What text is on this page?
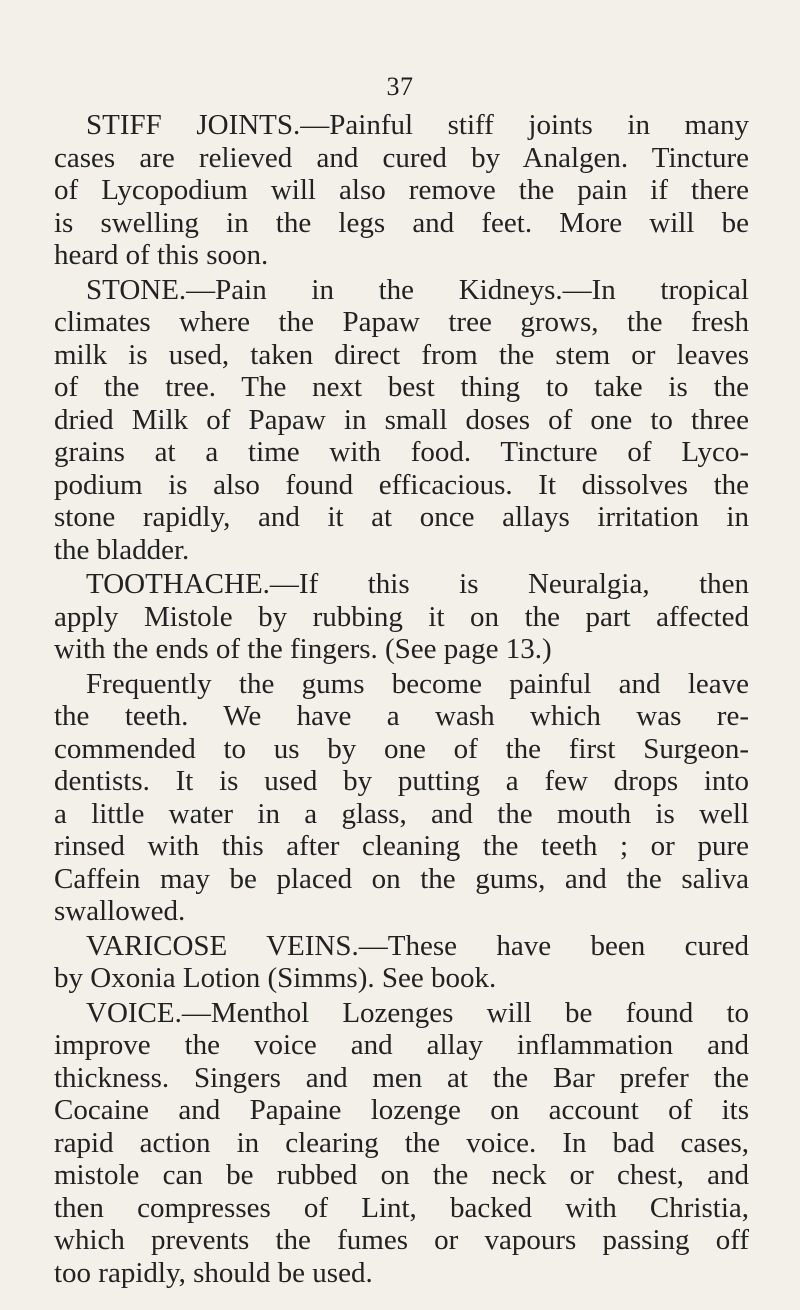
37
STIFF JOINTS.—Painful stiff joints in many
cases are relieved and cured by Analgen. Tincture
of Lycopodium will also remove the pain if there
is swelling in the legs and feet. More will be
heard of this soon.
STONE.—Pain in the Kidneys.—In tropical
climates where the Papaw tree grows, the fresh
milk is used, taken direct from the stem or leaves
of the tree. The next best thing to take is the
dried Milk of Papaw in small doses of one to three
grains at a time with food. Tincture of Lyco-
podium is also found efficacious. It dissolves the
stone rapidly, and it at once allays irritation in
the bladder.
TOOTHACHE.—If this is Neuralgia, then
apply Mistole by rubbing it on the part affected
with the ends of the fingers. (See page 13.)
Frequently the gums become painful and leave
the teeth. We have a wash which was re-
commended to us by one of the first Surgeon-
dentists. It is used by putting a few drops into
a little water in a glass, and the mouth is well
rinsed with this after cleaning the teeth ; or pure
Caffein may be placed on the gums, and the saliva
swallowed.
VARICOSE VEINS.—These have been cured
by Oxonia Lotion (Simms). See book.
VOICE.—Menthol Lozenges will be found to
improve the voice and allay inflammation and
thickness. Singers and men at the Bar prefer the
Cocaine and Papaine lozenge on account of its
rapid action in clearing the voice. In bad cases,
mistole can be rubbed on the neck or chest, and
then compresses of Lint, backed with Christia,
which prevents the fumes or vapours passing off
too rapidly, should be used.
